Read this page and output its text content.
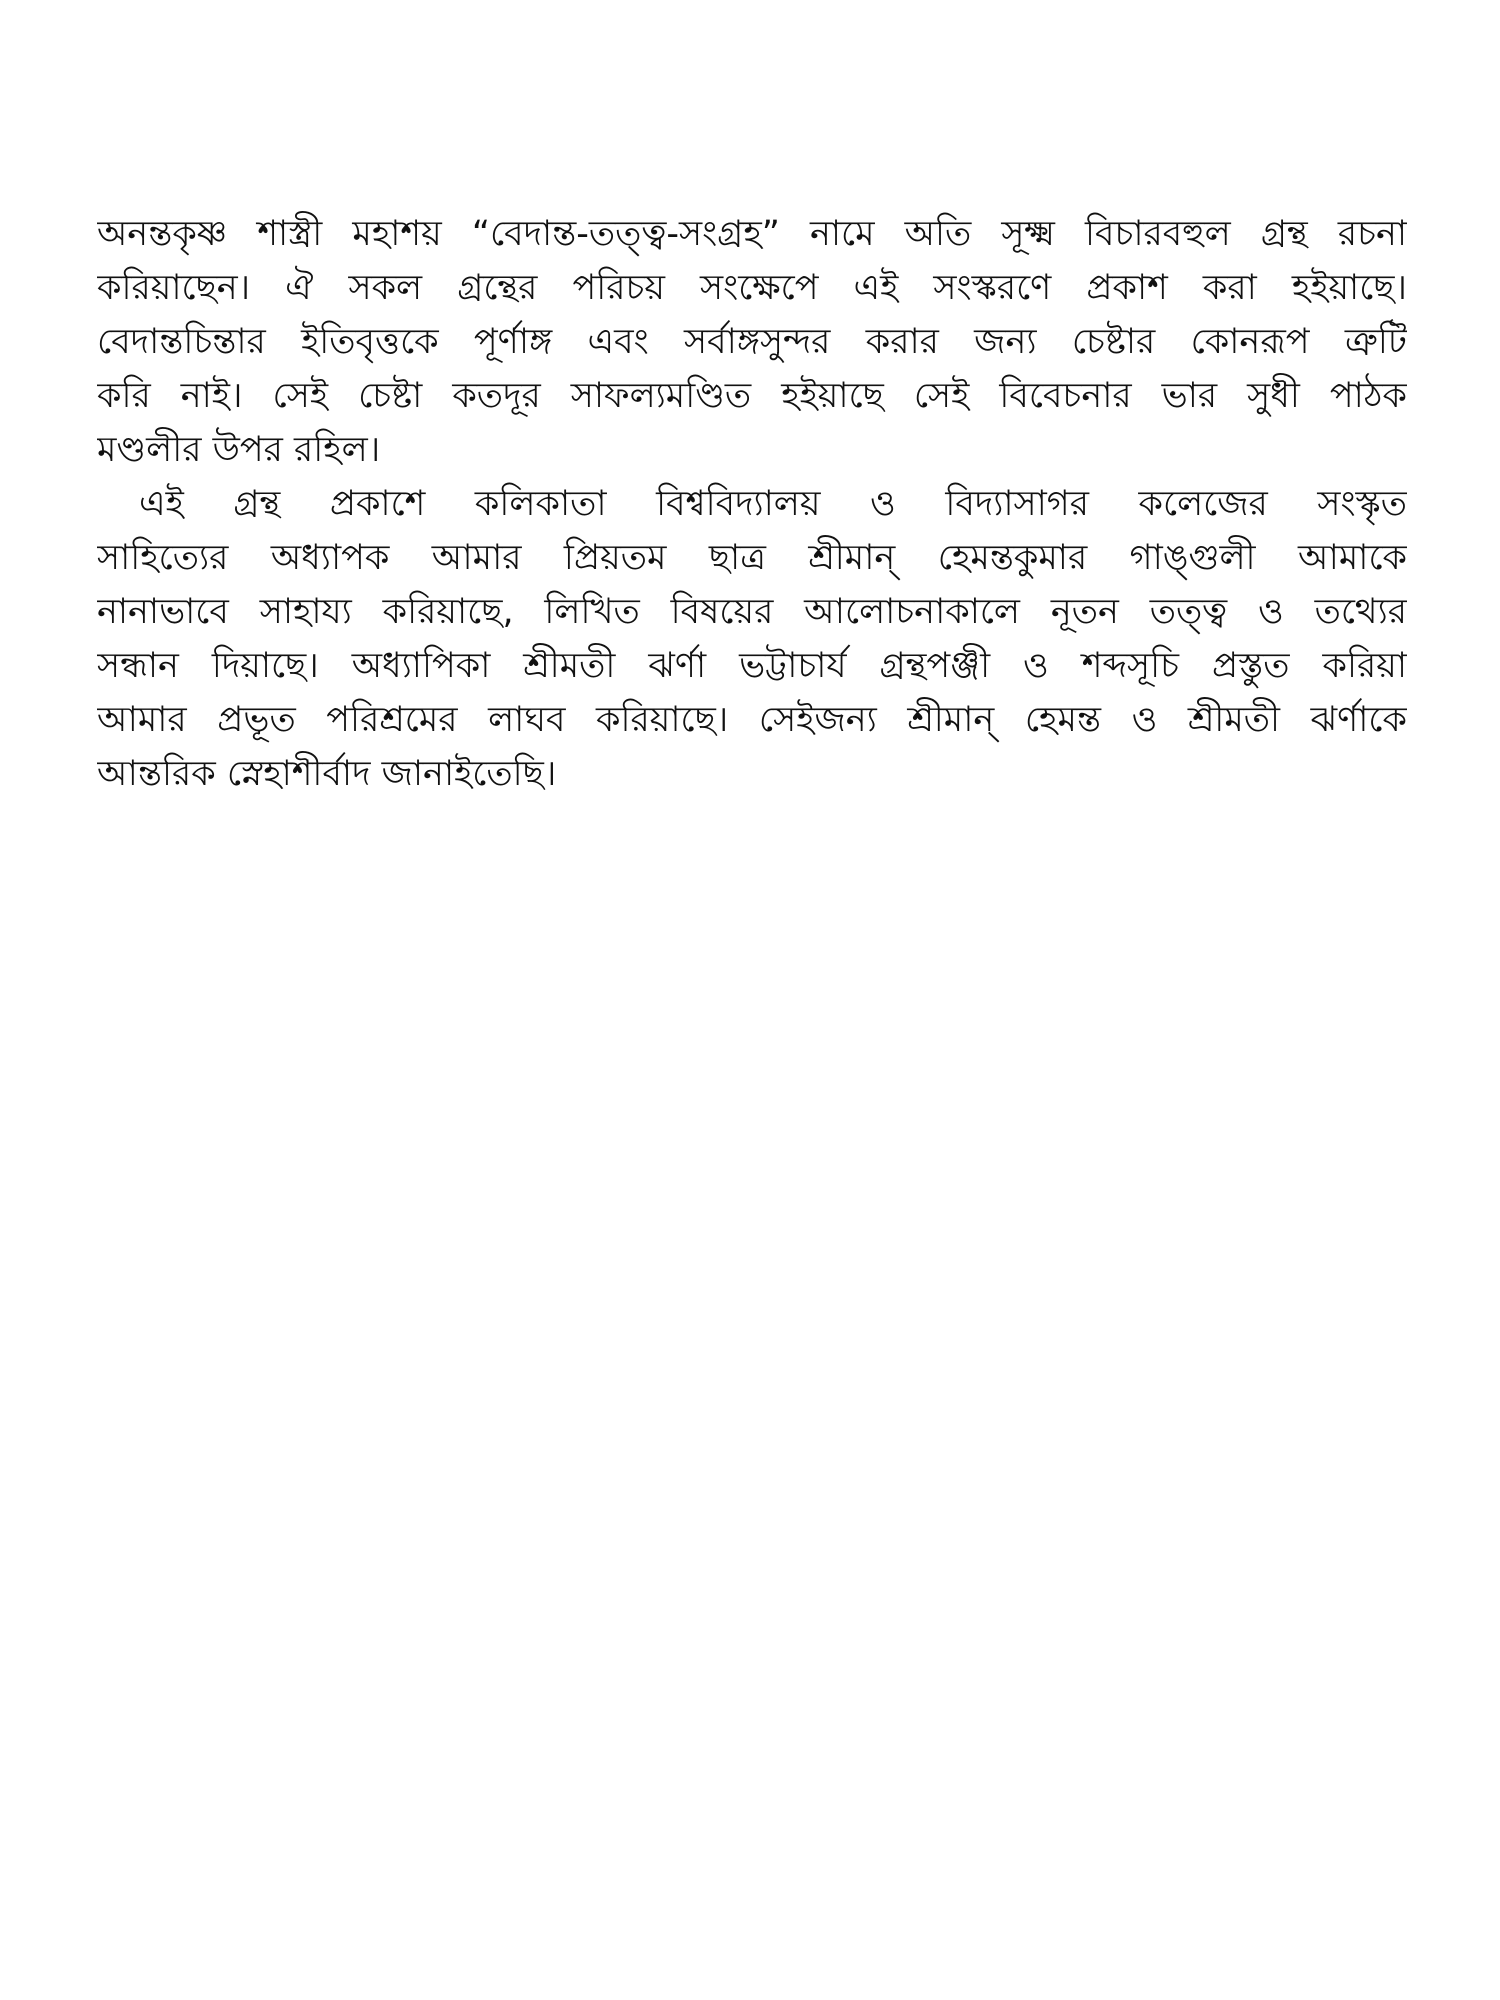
অনন্তকৃষ্ণ শাস্ত্রী মহাশয় “বেদান্ত-তত্ত্ব-সংগ্রহ” নামে অতি সূক্ষ্ম বিচারবহুল গ্রন্থ রচনা
করিয়াছেন। ঐ সকল গ্রন্থের পরিচয় সংক্ষেপে এই সংস্করণে প্রকাশ করা হইয়াছে।
বেদান্তচিন্তার ইতিবৃত্তকে পূর্ণাঙ্গ এবং সর্বাঙ্গসুন্দর করার জন্য চেষ্টার কোনরূপ ত্রুটি
করি নাই। সেই চেষ্টা কতদূর সাফল্যমণ্ডিত হইয়াছে সেই বিবেচনার ভার সুধী পাঠক
মণ্ডলীর উপর রহিল।
এই গ্রন্থ প্রকাশে কলিকাতা বিশ্ববিদ্যালয় ও বিদ্যাসাগর কলেজের সংস্কৃত
সাহিত্যের অধ্যাপক আমার প্রিয়তম ছাত্র শ্রীমান্ হেমন্তকুমার গাঙ্গুলী আমাকে
নানাভাবে সাহায্য করিয়াছে, লিখিত বিষয়ের আলোচনাকালে নূতন তত্ত্ব ও তথ্যের
সন্ধান দিয়াছে। অধ্যাপিকা শ্রীমতী ঝর্ণা ভট্টাচার্য গ্রন্থপঞ্জী ও শব্দসূচি প্রস্তুত করিয়া
আমার প্রভূত পরিশ্রমের লাঘব করিয়াছে। সেইজন্য শ্রীমান্ হেমন্ত ও শ্রীমতী ঝর্ণাকে
আন্তরিক স্নেহাশীর্বাদ জানাইতেছি।
